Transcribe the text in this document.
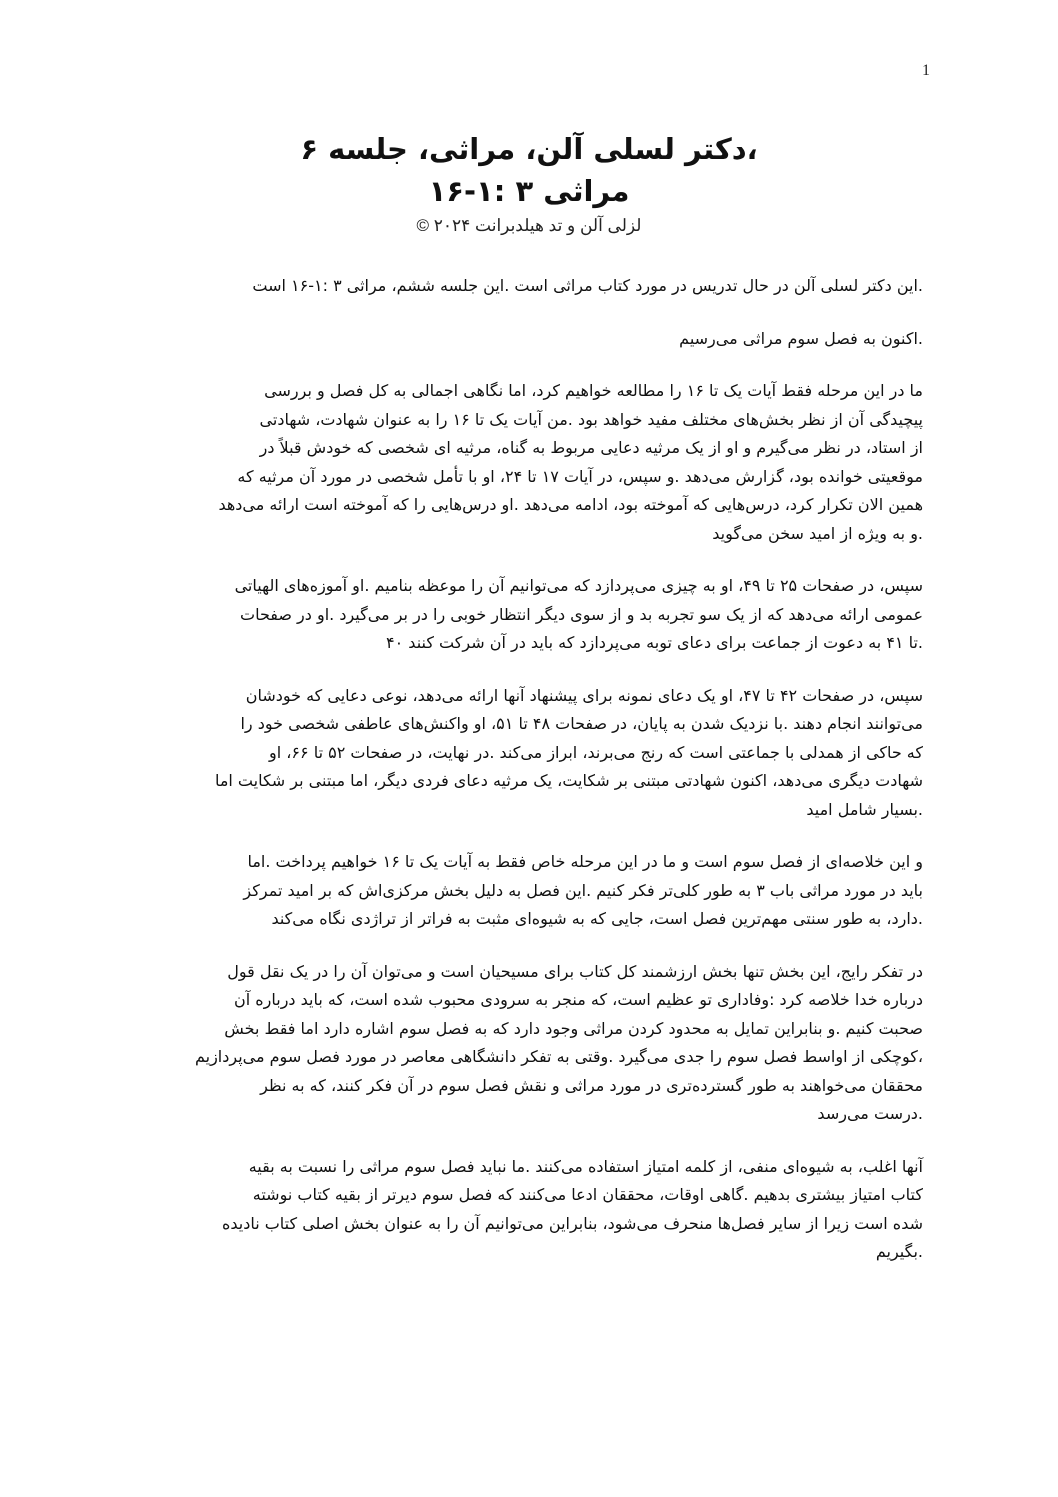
1
،دکتر لسلی آلن، مراثی، جلسه ۶
مراثی ۳ :۱-۱۶
لزلی آلن و تد هیلدبرانت ۲۰۲۴ ©
.این دکتر لسلی آلن در حال تدریس در مورد کتاب مراثی است .این جلسه ششم، مراثی ۳ :۱-۱۶ است
.اکنون به فصل سوم مراثی می‌رسیم
ما در این مرحله فقط آیات یک تا ۱۶ را مطالعه خواهیم کرد، اما نگاهی اجمالی به کل فصل و بررسی
پیچیدگی آن از نظر بخش‌های مختلف مفید خواهد بود .من آیات یک تا ۱۶ را به عنوان شهادت، شهادتی
از استاد، در نظر می‌گیرم و او از یک مرثیه دعایی مربوط به گناه، مرثیه ای شخصی که خودش قبلاً در
موقعیتی خوانده بود، گزارش می‌دهد .و سپس، در آیات ۱۷ تا ۲۴، او با تأمل شخصی در مورد آن مرثیه که
همین الان تکرار کرد، درس‌هایی که آموخته بود، ادامه می‌دهد .او درس‌هایی را که آموخته است ارائه می‌دهد
.و به ویژه از امید سخن می‌گوید
سپس، در صفحات ۲۵ تا ۴۹، او به چیزی می‌پردازد که می‌توانیم آن را موعظه بنامیم .او آموزه‌های الهیاتی
عمومی ارائه می‌دهد که از یک سو تجربه بد و از سوی دیگر انتظار خوبی را در بر می‌گیرد .او در صفحات
.تا ۴۱ به دعوت از جماعت برای دعای توبه می‌پردازد که باید در آن شرکت کنند ۴۰
سپس، در صفحات ۴۲ تا ۴۷، او یک دعای نمونه برای پیشنهاد آنها ارائه می‌دهد، نوعی دعایی که خودشان
می‌توانند انجام دهند .با نزدیک شدن به پایان، در صفحات ۴۸ تا ۵۱، او واکنش‌های عاطفی شخصی خود را
که حاکی از همدلی با جماعتی است که رنج می‌برند، ابراز می‌کند .در نهایت، در صفحات ۵۲ تا ۶۶، او
شهادت دیگری می‌دهد، اکنون شهادتی مبتنی بر شکایت، یک مرثیه دعای فردی دیگر، اما مبتنی بر شکایت اما
.بسیار شامل امید
و این خلاصه‌ای از فصل سوم است و ما در این مرحله خاص فقط به آیات یک تا ۱۶ خواهیم پرداخت .اما
باید در مورد مراثی باب ۳ به طور کلی‌تر فکر کنیم .این فصل به دلیل بخش مرکزی‌اش که بر امید تمرکز
.دارد، به طور سنتی مهم‌ترین فصل است، جایی که به شیوه‌ای مثبت به فراتر از تراژدی نگاه می‌کند
در تفکر رایج، این بخش تنها بخش ارزشمند کل کتاب برای مسیحیان است و می‌توان آن را در یک نقل قول
درباره خدا خلاصه کرد :وفاداری تو عظیم است، که منجر به سرودی محبوب شده است، که باید درباره آن
صحبت کنیم .و بنابراین تمایل به محدود کردن مراثی وجود دارد که به فصل سوم اشاره دارد اما فقط بخش
،کوچکی از اواسط فصل سوم را جدی می‌گیرد .وقتی به تفکر دانشگاهی معاصر در مورد فصل سوم می‌پردازیم
محققان می‌خواهند به طور گسترده‌تری در مورد مراثی و نقش فصل سوم در آن فکر کنند، که به نظر
.درست می‌رسد
آنها اغلب، به شیوه‌ای منفی، از کلمه امتیاز استفاده می‌کنند .ما نباید فصل سوم مراثی را نسبت به بقیه
کتاب امتیاز بیشتری بدهیم .گاهی اوقات، محققان ادعا می‌کنند که فصل سوم دیرتر از بقیه کتاب نوشته
شده است زیرا از سایر فصل‌ها منحرف می‌شود، بنابراین می‌توانیم آن را به عنوان بخش اصلی کتاب نادیده
.بگیریم
